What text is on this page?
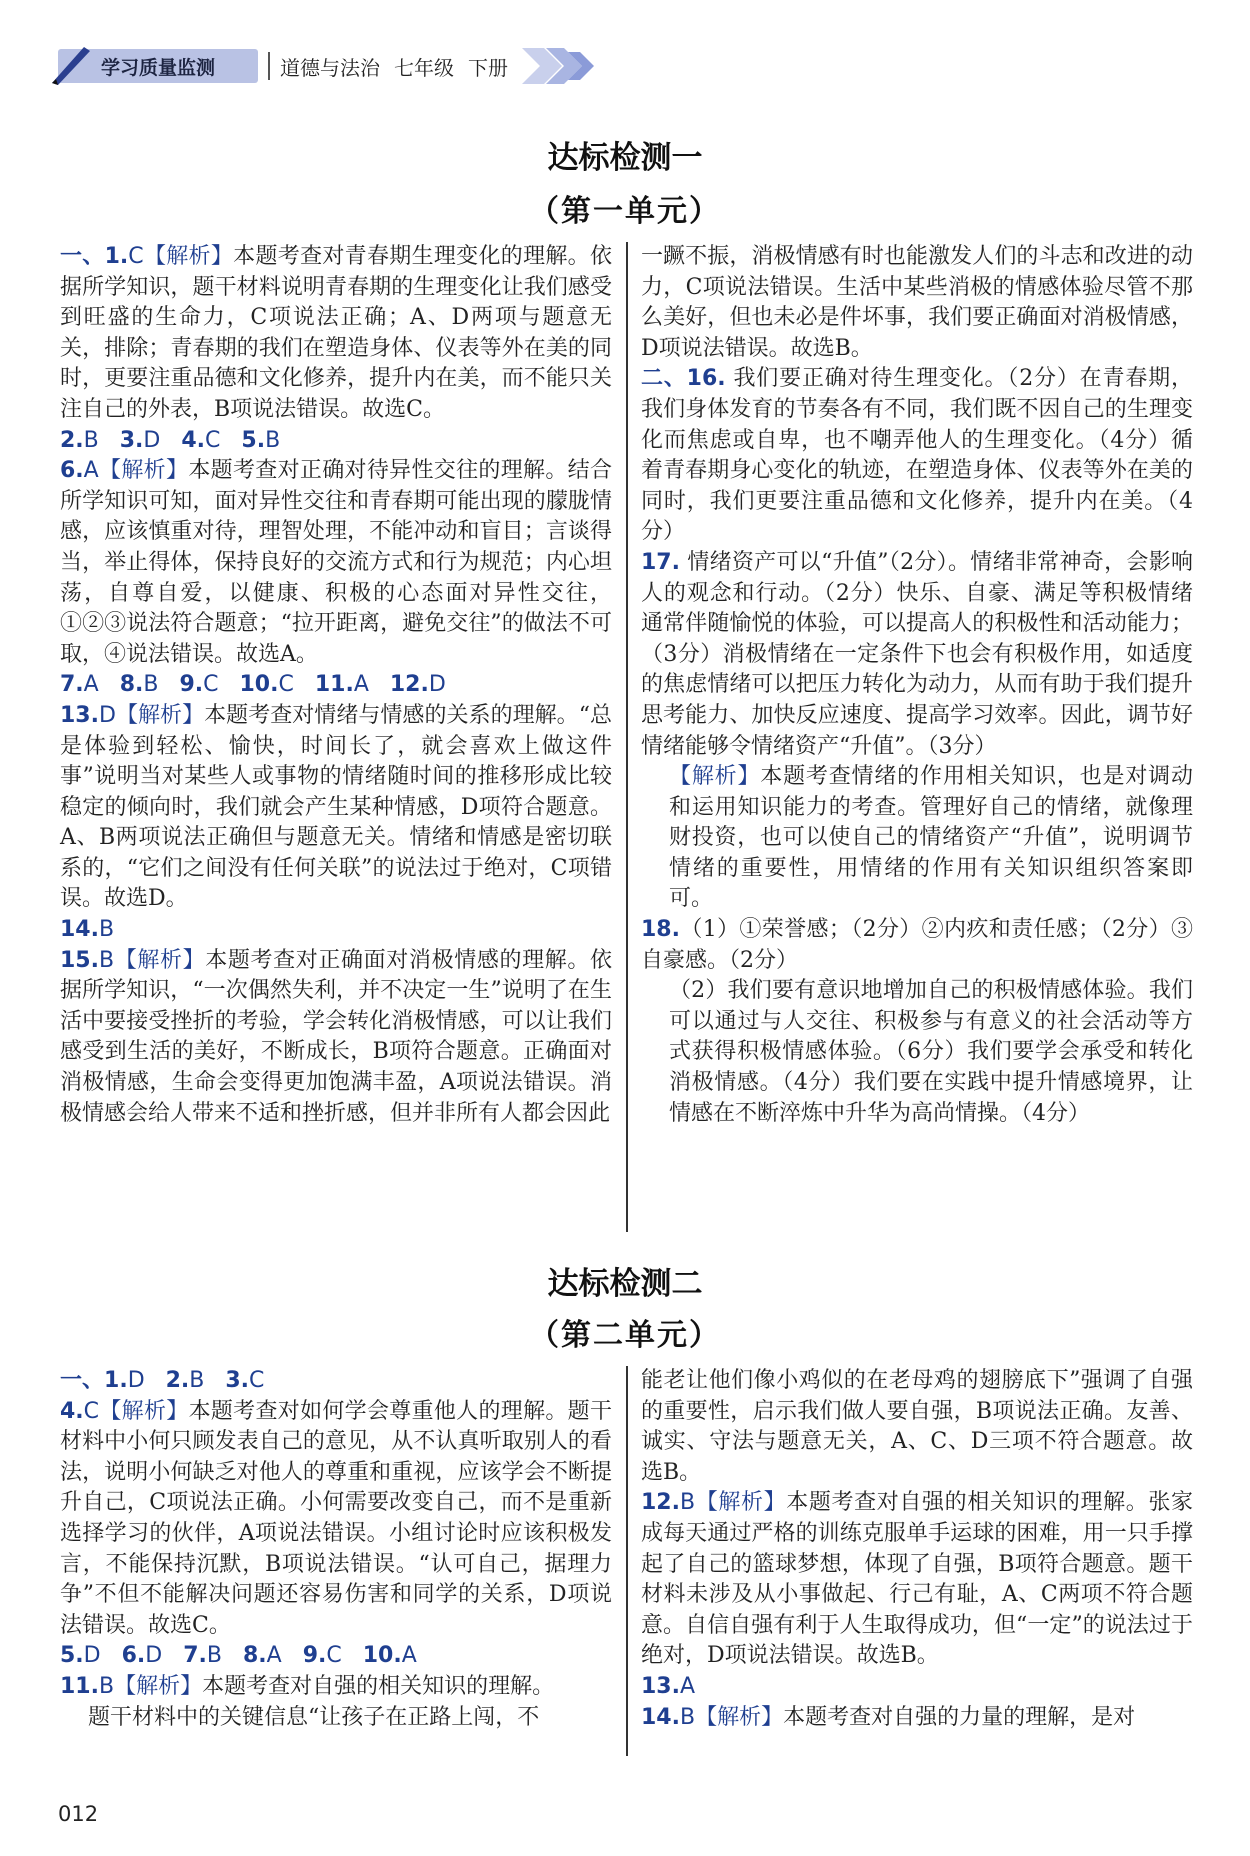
学习质量监测	道德与法治 七年级 下册
达标检测一
（第一单元）

一、1.C【解析】本题考查对青春期生理变化的理解。依据所学知识，题干材料说明青春期的生理变化让我们感受到旺盛的生命力，C项说法正确；A、D两项与题意无关，排除；青春期的我们在塑造身体、仪表等外在美的同时，更要注重品德和文化修养，提升内在美，而不能只关注自己的外表，B项说法错误。故选C。

2.B 3.D 4.C 5.B

6.A【解析】本题考查对正确对待异性交往的理解。结合所学知识可知，面对异性交往和青春期可能出现的朦胧情感，应该慎重对待，理智处理，不能冲动和盲目；言谈得当，举止得体，保持良好的交流方式和行为规范；内心坦荡，自尊自爱，以健康、积极的心态面对异性交往，①②③说法符合题意；“拉开距离，避免交往”的做法不可取，④说法错误。故选A。

7.A 8.B 9.C 10.C 11.A 12.D

13.D【解析】本题考查对情绪与情感的关系的理解。“总是体验到轻松、愉快，时间长了，就会喜欢上做这件事”说明当对某些人或事物的情绪随时间的推移形成比较稳定的倾向时，我们就会产生某种情感，D项符合题意。A、B两项说法正确但与题意无关。情绪和情感是密切联系的，“它们之间没有任何关联”的说法过于绝对，C项错误。故选D。

14.B

15.B【解析】本题考查对正确面对消极情感的理解。依据所学知识，“一次偶然失利，并不决定一生”说明了在生活中要接受挫折的考验，学会转化消极情感，可以让我们感受到生活的美好，不断成长，B项符合题意。正确面对消极情感，生命会变得更加饱满丰盈，A项说法错误。消极情感会给人带来不适和挫折感，但并非所有人都会因此

一蹶不振，消极情感有时也能激发人们的斗志和改进的动力，C项说法错误。生活中某些消极的情感体验尽管不那么美好，但也未必是件坏事，我们要正确面对消极情感，D项说法错误。故选B。

二、16. 我们要正确对待生理变化。（2分）在青春期，我们身体发育的节奏各有不同，我们既不因自己的生理变化而焦虑或自卑，也不嘲弄他人的生理变化。（4分）循着青春期身心变化的轨迹，在塑造身体、仪表等外在美的同时，我们更要注重品德和文化修养，提升内在美。（4分）

17. 情绪资产可以“升值”（2分）。情绪非常神奇，会影响人的观念和行动。（2分）快乐、自豪、满足等积极情绪通常伴随愉悦的体验，可以提高人的积极性和活动能力；（3分）消极情绪在一定条件下也会有积极作用，如适度的焦虑情绪可以把压力转化为动力，从而有助于我们提升思考能力、加快反应速度、提高学习效率。因此，调节好情绪能够令情绪资产“升值”。（3分）

【解析】本题考查情绪的作用相关知识，也是对调动和运用知识能力的考查。管理好自己的情绪，就像理财投资，也可以使自己的情绪资产“升值”，说明调节情绪的重要性，用情绪的作用有关知识组织答案即可。

18.（1）①荣誉感；（2分）②内疚和责任感；（2分）③自豪感。（2分）

（2）我们要有意识地增加自己的积极情感体验。我们可以通过与人交往、积极参与有意义的社会活动等方式获得积极情感体验。（6分）我们要学会承受和转化消极情感。（4分）我们要在实践中提升情感境界，让情感在不断淬炼中升华为高尚情操。（4分）

达标检测二
（第二单元）

一、1.D 2.B 3.C

4.C【解析】本题考查对如何学会尊重他人的理解。题干材料中小何只顾发表自己的意见，从不认真听取别人的看法，说明小何缺乏对他人的尊重和重视，应该学会不断提升自己，C项说法正确。小何需要改变自己，而不是重新选择学习的伙伴，A项说法错误。小组讨论时应该积极发言，不能保持沉默，B项说法错误。“认可自己，据理力争”不但不能解决问题还容易伤害和同学的关系，D项说法错误。故选C。

5.D 6.D 7.B 8.A 9.C 10.A

11.B【解析】本题考查对自强的相关知识的理解。

题干材料中的关键信息“让孩子在正路上闯，不

能老让他们像小鸡似的在老母鸡的翅膀底下”强调了自强的重要性，启示我们做人要自强，B项说法正确。友善、诚实、守法与题意无关，A、C、D三项不符合题意。故选B。

12.B【解析】本题考查对自强的相关知识的理解。张家成每天通过严格的训练克服单手运球的困难，用一只手撑起了自己的篮球梦想，体现了自强，B项符合题意。题干材料未涉及从小事做起、行己有耻，A、C两项不符合题意。自信自强有利于人生取得成功，但“一定”的说法过于绝对，D项说法错误。故选B。

13.A

14.B【解析】本题考查对自强的力量的理解，是对

012
